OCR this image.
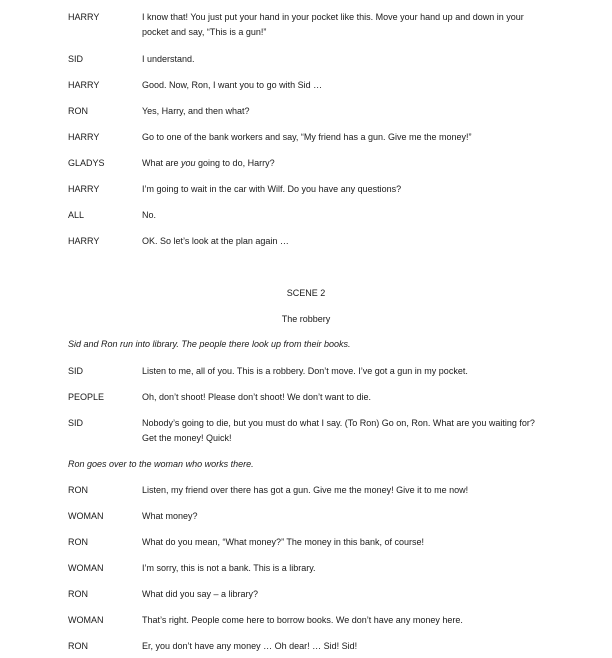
HARRY	I know that! You just put your hand in your pocket like this. Move your hand up and down in your pocket and say, “This is a gun!”
SID	I understand.
HARRY	Good. Now, Ron, I want you to go with Sid …
RON	Yes, Harry, and then what?
HARRY	Go to one of the bank workers and say, “My friend has a gun. Give me the money!”
GLADYS	What are you going to do, Harry?
HARRY	I’m going to wait in the car with Wilf. Do you have any questions?
ALL	No.
HARRY	OK. So let’s look at the plan again …
SCENE 2
The robbery
Sid and Ron run into library. The people there look up from their books.
SID	Listen to me, all of you. This is a robbery. Don’t move. I’ve got a gun in my pocket.
PEOPLE	Oh, don’t shoot! Please don’t shoot! We don’t want to die.
SID	Nobody’s going to die, but you must do what I say. (To Ron) Go on, Ron. What are you waiting for? Get the money! Quick!
Ron goes over to the woman who works there.
RON	Listen, my friend over there has got a gun. Give me the money! Give it to me now!
WOMAN	What money?
RON	What do you mean, “What money?” The money in this bank, of course!
WOMAN	I’m sorry, this is not a bank. This is a library.
RON	What did you say – a library?
WOMAN	That’s right. People come here to borrow books. We don’t have any money here.
RON	Er, you don’t have any money … Oh dear! … Sid! Sid!
